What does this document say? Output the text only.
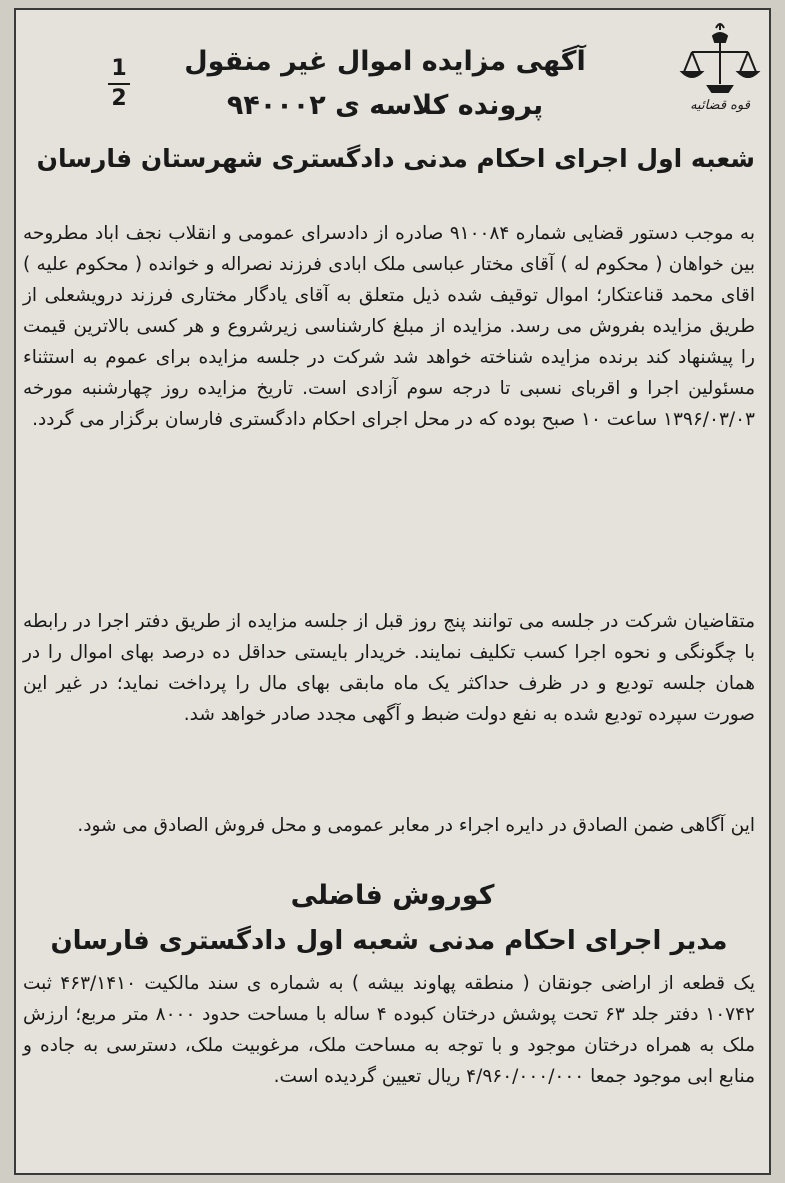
قوه قضائیه
1
2
آگهی مزایده اموال غیر منقول
پرونده کلاسه ی ۹۴۰۰۰۲
شعبه اول اجرای احکام مدنی دادگستری شهرستان فارسان
به موجب دستور قضایی شماره ۹۱۰۰۸۴ صادره از دادسرای عمومی و انقلاب نجف اباد مطروحه بین خواهان ( محکوم له ) آقای مختار عباسی ملک ابادی فرزند نصراله و خوانده ( محکوم علیه ) اقای محمد قناعتکار؛ اموال توقیف شده ذیل متعلق به آقای یادگار مختاری فرزند درویشعلی از طریق مزایده بفروش می رسد. مزایده از مبلغ کارشناسی زیرشروع و هر کسی بالاترین قیمت را پیشنهاد کند برنده مزایده شناخته خواهد شد شرکت در جلسه مزایده برای عموم به استثناء مسئولین اجرا و اقربای نسبی تا درجه سوم آزادی است. تاریخ مزایده روز چهارشنبه مورخه ۱۳۹۶/۰۳/۰۳ ساعت ۱۰ صبح بوده که در محل اجرای احکام دادگستری فارسان برگزار می گردد.
متقاضیان شرکت در جلسه می توانند پنج روز قبل از جلسه مزایده از طریق دفتر اجرا در رابطه با چگونگی و نحوه اجرا کسب تکلیف نمایند. خریدار بایستی حداقل ده درصد بهای اموال را در همان جلسه تودیع و در ظرف حداکثر یک ماه مابقی بهای مال را پرداخت نماید؛ در غیر این صورت سپرده تودیع شده به نفع دولت ضبط و آگهی مجدد صادر خواهد شد.
این آگاهی ضمن الصادق در دایره اجراء در معابر عمومی و محل فروش الصادق می شود.
کوروش فاضلی
مدیر اجرای احکام مدنی شعبه اول دادگستری فارسان
یک قطعه از اراضی جونقان ( منطقه پهاوند بیشه ) به شماره ی سند مالکیت ۴۶۳/۱۴۱۰ ثبت ۱۰۷۴۲ دفتر جلد ۶۳ تحت پوشش درختان کبوده ۴ ساله با مساحت حدود ۸۰۰۰ متر مربع؛ ارزش ملک به همراه درختان موجود و با توجه به مساحت ملک، مرغوبیت ملک، دسترسی به جاده و منابع ابی موجود جمعا ۴/۹۶۰/۰۰۰/۰۰۰ ریال تعیین گردیده است.
